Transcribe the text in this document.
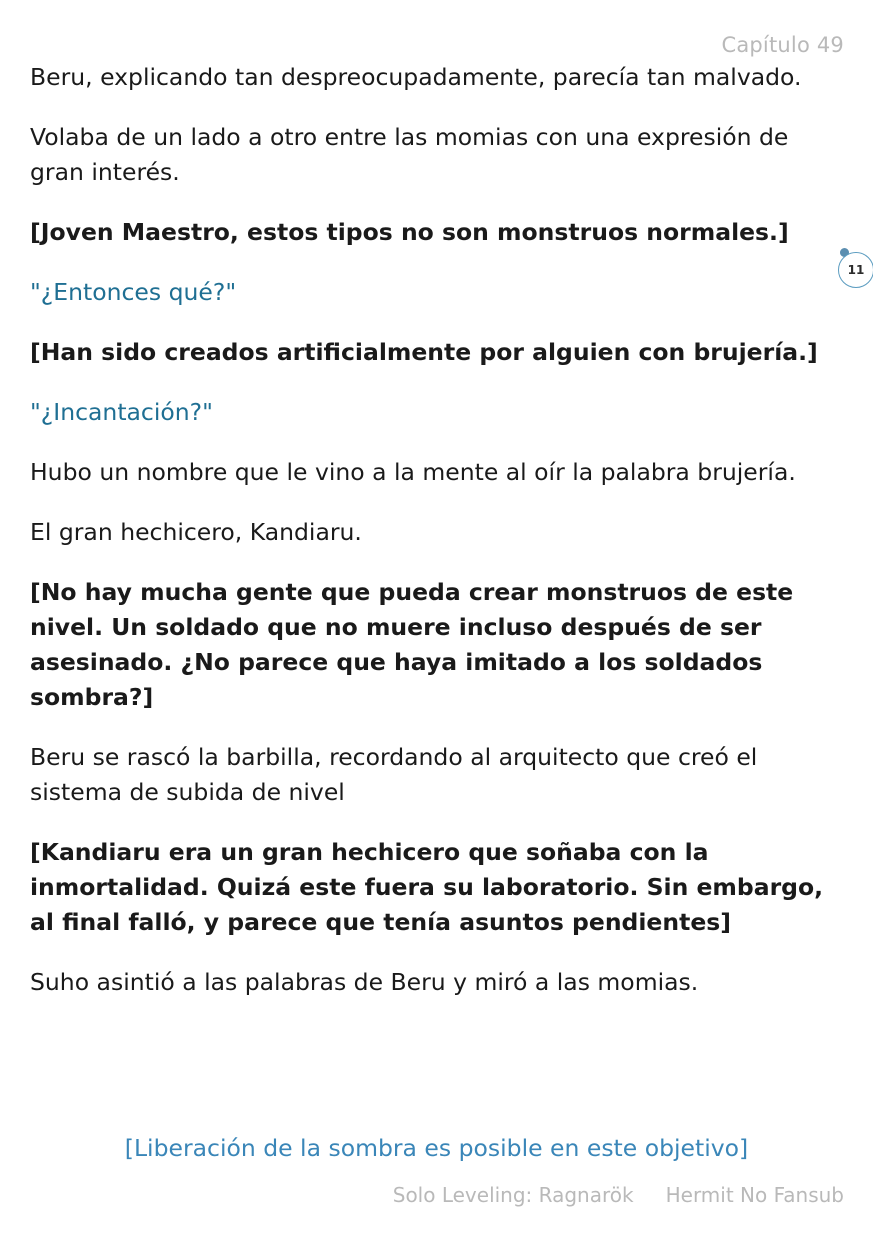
Capítulo 49

Beru, explicando tan despreocupadamente, parecía tan malvado.

Volaba de un lado a otro entre las momias con una expresión de gran interés.

[Joven Maestro, estos tipos no son monstruos normales.]

"¿Entonces qué?"

[Han sido creados artificialmente por alguien con brujería.]

"¿Incantación?"

Hubo un nombre que le vino a la mente al oír la palabra brujería.

El gran hechicero, Kandiaru.

[No hay mucha gente que pueda crear monstruos de este nivel. Un soldado que no muere incluso después de ser asesinado. ¿No parece que haya imitado a los soldados sombra?]

Beru se rascó la barbilla, recordando al arquitecto que creó el sistema de subida de nivel

[Kandiaru era un gran hechicero que soñaba con la inmortalidad. Quizá este fuera su laboratorio. Sin embargo, al final falló, y parece que tenía asuntos pendientes]

Suho asintió a las palabras de Beru y miró a las momias.

11
[Liberación de la sombra es posible en este objetivo]
Solo Leveling: Ragnarök Hermit No Fansub
